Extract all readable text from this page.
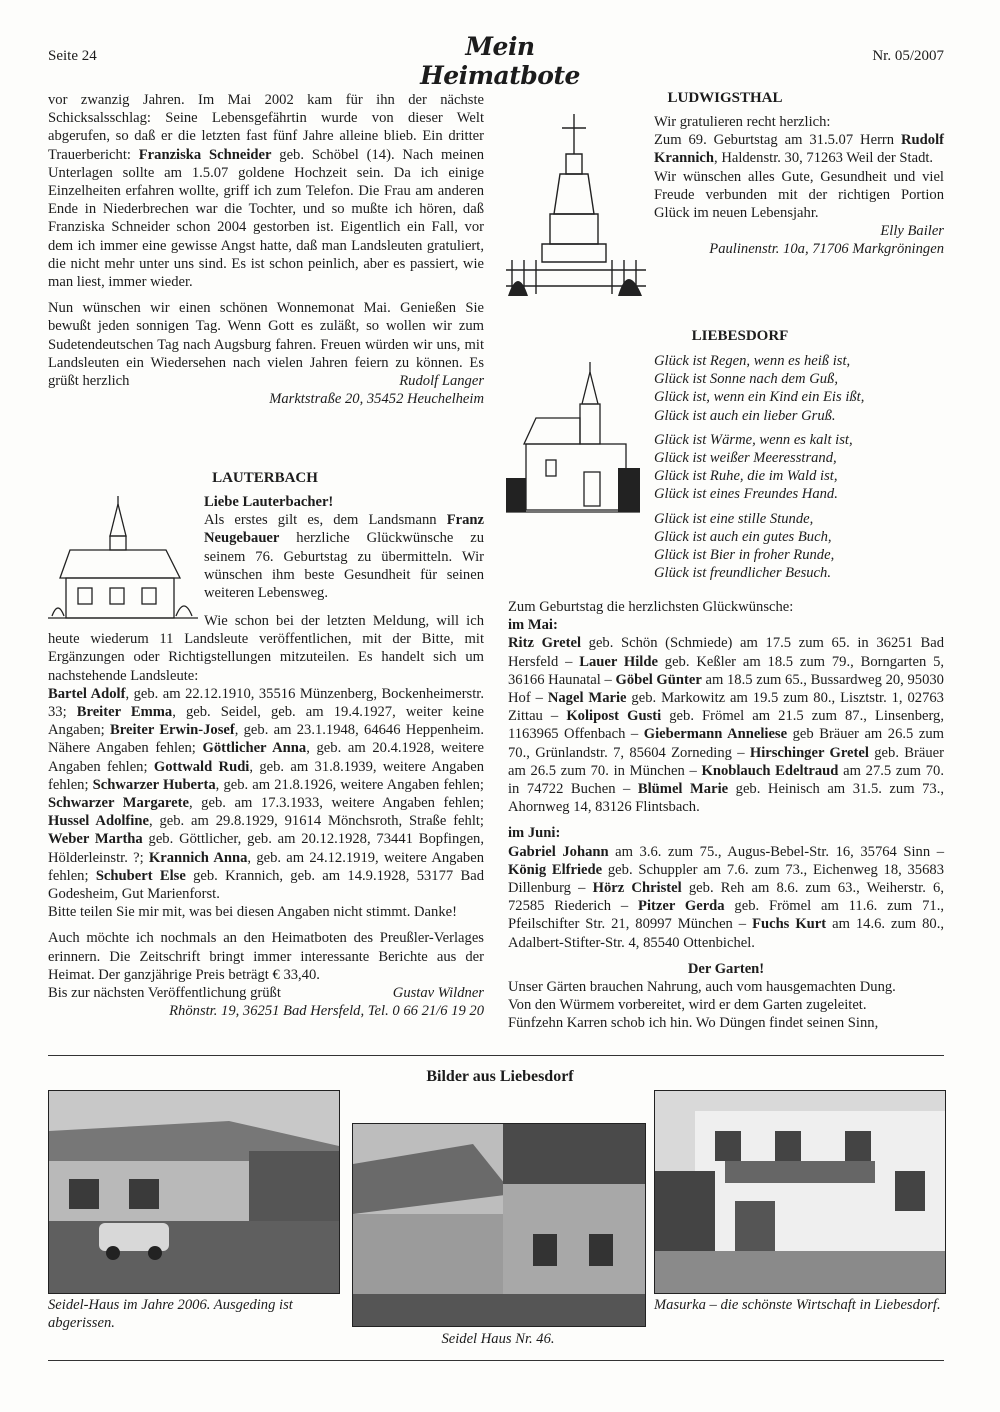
Seite 24	Mein Heimatbote
Nr. 05/2007

vor zwanzig Jahren. Im Mai 2002 kam für ihn der nächste Schicksalsschlag: Seine Lebensgefährtin wurde von dieser Welt abgerufen, so daß er die letzten fast fünf Jahre alleine blieb. Ein dritter Trauerbericht: Franziska Schneider geb. Schöbel (14). Nach meinen Unterlagen sollte am 1.5.07 goldene Hochzeit sein. Da ich einige Einzelheiten erfahren wollte, griff ich zum Telefon. Die Frau am anderen Ende in Niederbrechen war die Tochter, und so mußte ich hören, daß Franziska Schneider schon 2004 gestorben ist. Eigentlich ein Fall, vor dem ich immer eine gewisse Angst hatte, daß man Landsleuten gratuliert, die nicht mehr unter uns sind. Es ist schon peinlich, aber es passiert, wie man liest, immer wieder.

Nun wünschen wir einen schönen Wonnemonat Mai. Genießen Sie bewußt jeden sonnigen Tag. Wenn Gott es zuläßt, so wollen wir zum Sudetendeutschen Tag nach Augsburg fahren. Freuen würden wir uns, mit Landsleuten ein Wiedersehen nach vielen Jahren feiern zu können. Es grüßt herzlich	Rudolf Langer

Marktstraße 20, 35452 Heuchelheim

LAUTERBACH

Liebe Lauterbacher!

Als erstes gilt es, dem Landsmann Franz Neugebauer herzliche Glückwünsche zu seinem 76. Geburtstag zu übermitteln. Wir wünschen ihm beste Gesundheit für seinen weiteren Lebensweg.

Wie schon bei der letzten Meldung, will ich heute wiederum 11 Landsleute veröffentlichen, mit der Bitte, mit Ergänzungen oder Richtigstellungen mitzuteilen. Es handelt sich um nachstehende Landsleute:

Bartel Adolf, geb. am 22.12.1910, 35516 Münzenberg, Bockenheimerstr. 33; Breiter Emma, geb. Seidel, geb. am 19.4.1927, weiter keine Angaben; Breiter Erwin-Josef, geb. am 23.1.1948, 64646 Heppenheim. Nähere Angaben fehlen; Göttlicher Anna, geb. am 20.4.1928, weitere Angaben fehlen; Gottwald Rudi, geb. am 31.8.1939, weitere Angaben fehlen; Schwarzer Huberta, geb. am 21.8.1926, weitere Angaben fehlen; Schwarzer Margarete, geb. am 17.3.1933, weitere Angaben fehlen; Hussel Adolfine, geb. am 29.8.1929, 91614 Mönchsroth, Straße fehlt; Weber Martha geb. Göttlicher, geb. am 20.12.1928, 73441 Bopfingen, Hölderleinstr. ?; Krannich Anna, geb. am 24.12.1919, weitere Angaben fehlen; Schubert Else geb. Krannich, geb. am 14.9.1928, 53177 Bad Godesheim, Gut Marienforst.

Bitte teilen Sie mir mit, was bei diesen Angaben nicht stimmt. Danke!

Auch möchte ich nochmals an den Heimatboten des Preußler-Verlages erinnern. Die Zeitschrift bringt immer interessante Berichte aus der Heimat. Der ganzjährige Preis beträgt € 33,40.

Bis zur nächsten Veröffentlichung grüßt	Gustav Wildner

Rhönstr. 19, 36251 Bad Hersfeld, Tel. 0 66 21/6 19 20

LUDWIGSTHAL

Wir gratulieren recht herzlich:

Zum 69. Geburtstag am 31.5.07 Herrn Rudolf Krannich, Haldenstr. 30, 71263 Weil der Stadt.

Wir wünschen alles Gute, Gesundheit und viel Freude verbunden mit der richtigen Portion Glück im neuen Lebensjahr.

Elly Bailer

Paulinenstr. 10a, 71706 Markgröningen

LIEBESDORF
Glück ist Regen, wenn es heiß ist,
Glück ist Sonne nach dem Guß,
Glück ist, wenn ein Kind ein Eis ißt,
Glück ist auch ein lieber Gruß.
Glück ist Wärme, wenn es kalt ist,
Glück ist weißer Meeresstrand,
Glück ist Ruhe, die im Wald ist,
Glück ist eines Freundes Hand.
Glück ist eine stille Stunde,
Glück ist auch ein gutes Buch,
Glück ist Bier in froher Runde,
Glück ist freundlicher Besuch.

Zum Geburtstag die herzlichsten Glückwünsche:

im Mai:

Ritz Gretel geb. Schön (Schmiede) am 17.5 zum 65. in 36251 Bad Hersfeld – Lauer Hilde geb. Keßler am 18.5 zum 79., Borngarten 5, 36166 Haunatal – Göbel Günter am 18.5 zum 65., Bussardweg 20, 95030 Hof – Nagel Marie geb. Markowitz am 19.5 zum 80., Lisztstr. 1, 02763 Zittau – Kolipost Gusti geb. Frömel am 21.5 zum 87., Linsenberg, 1163965 Offenbach – Giebermann Anneliese geb Bräuer am 26.5 zum 70., Grünlandstr. 7, 85604 Zorneding – Hirschinger Gretel geb. Bräuer am 26.5 zum 70. in München – Knoblauch Edeltraud am 27.5 zum 70. in 74722 Buchen – Blümel Marie geb. Heinisch am 31.5. zum 73., Ahornweg 14, 83126 Flintsbach.

im Juni:

Gabriel Johann am 3.6. zum 75., Augus-Bebel-Str. 16, 35764 Sinn – König Elfriede geb. Schuppler am 7.6. zum 73., Eichenweg 18, 35683 Dillenburg – Hörz Christel geb. Reh am 8.6. zum 63., Weiherstr. 6, 72585 Riederich – Pitzer Gerda geb. Frömel am 11.6. zum 71., Pfeilschifter Str. 21, 80997 München – Fuchs Kurt am 14.6. zum 80., Adalbert-Stifter-Str. 4, 85540 Ottenbichel.

Der Garten!

Unser Gärten brauchen Nahrung, auch vom hausgemachten Dung.

Von den Würmem vorbereitet, wird er dem Garten zugeleitet.

Fünfzehn Karren schob ich hin. Wo Düngen findet seinen Sinn,

Bilder aus Liebesdorf
Seidel-Haus im Jahre 2006. Ausgeding ist abgerissen.
Seidel Haus Nr. 46.
Masurka – die schönste Wirtschaft in Liebesdorf.
